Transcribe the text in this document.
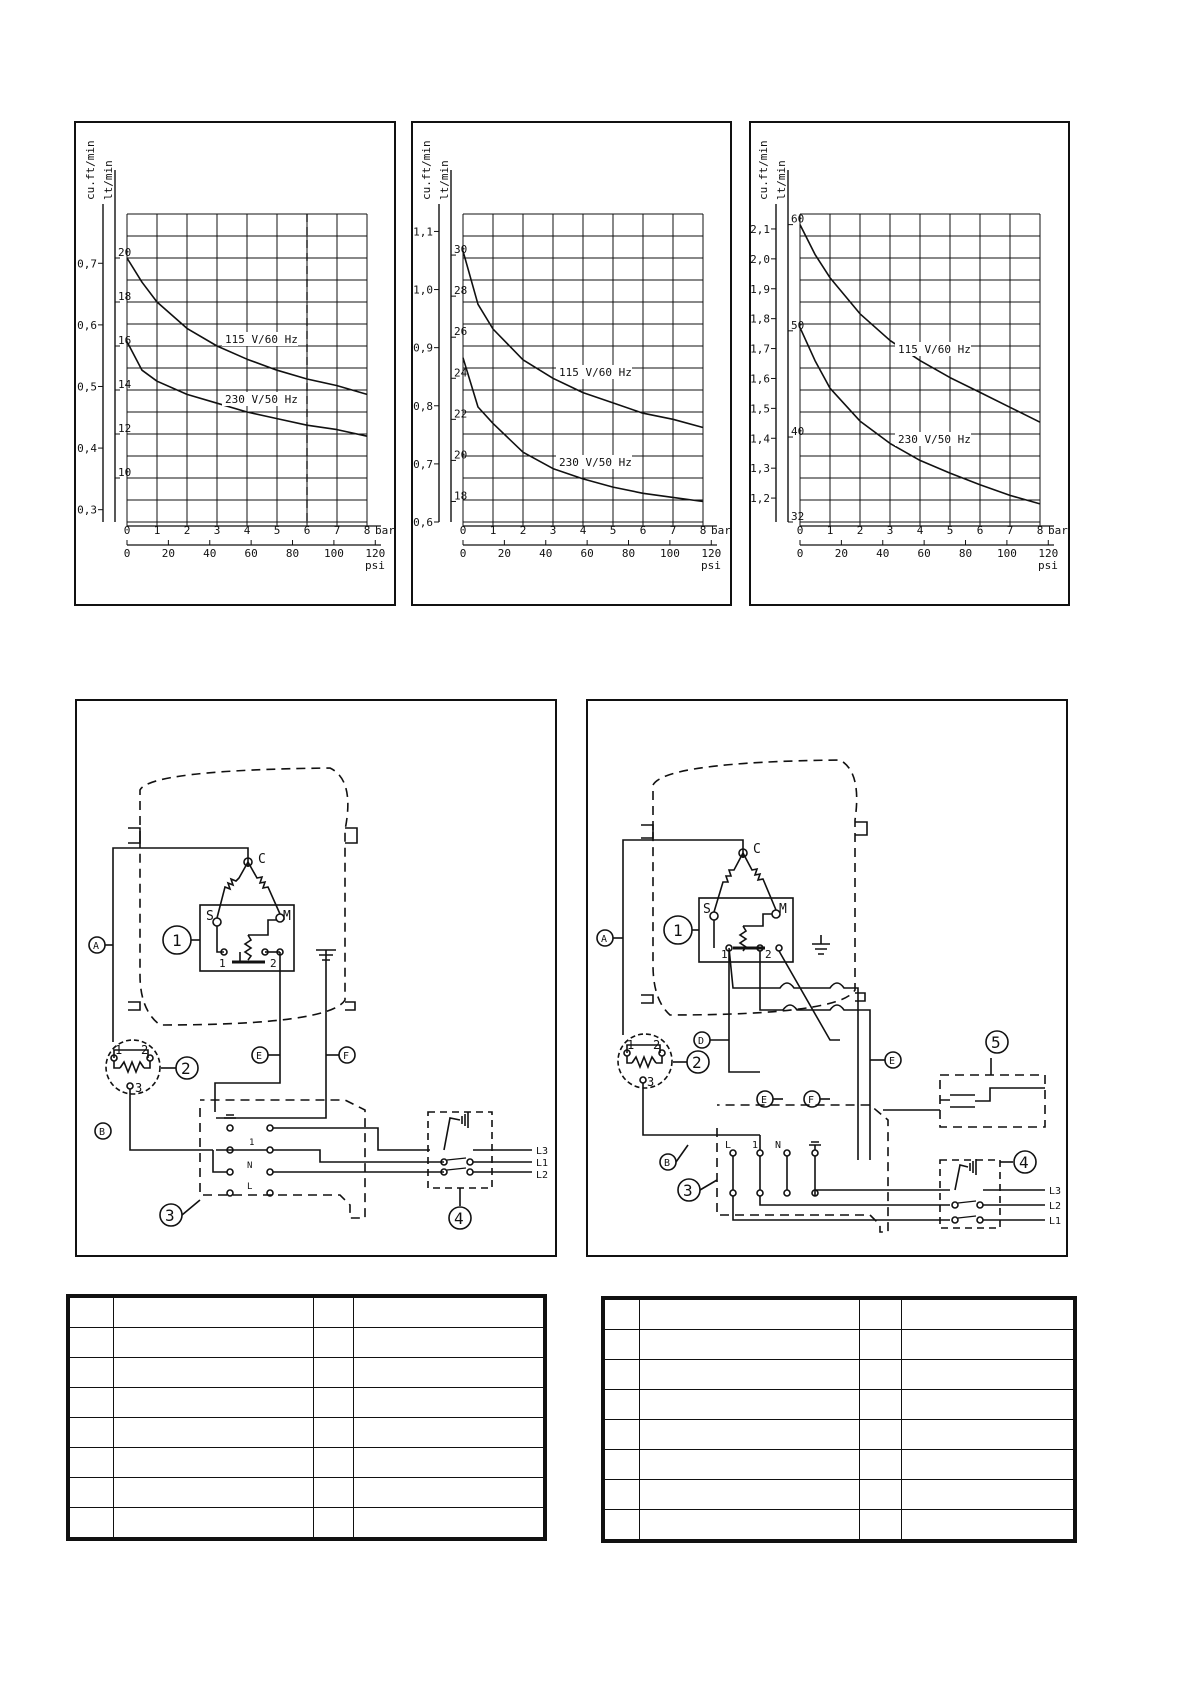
10
12
14
16
18
20
0,3
0,4
0,5
0,6
0,7
0 1 2 3 4 5 6 7 8 bar
0	20	40	60	80 100 120
psi
lt/min
cu.ft/min
115 V/60 Hz
230 V/50 Hz
18
20
22
24
26
28
30
0,6
0,7
0,8
0,9
1,0
1,1
0 1 2 3 4 5 6 7 8 bar
0	20	40	60	80 100 120
psi
lt/min
cu.ft/min
115 V/60 Hz
230 V/50 Hz
32
40
50
60
1,2
1,3
1,4
1,5
1,6
1,7
1,8
1,9
2,0
2,1
0 1 2 3 4 5 6 7 8 bar
0	20	40	60	80 100 120
psi
lt/min
cu.ft/min
115 V/60 Hz
230 V/50 Hz
C
S	M
1	2
1 2
3
1
2
3	4
A
B
E	F
1
N
L
L3
L1
L2
C
S	M
1	2
1 2
3
1
2
3
4
5
A
B
D
E	F
E
L 1 N
L3
L2
L1
